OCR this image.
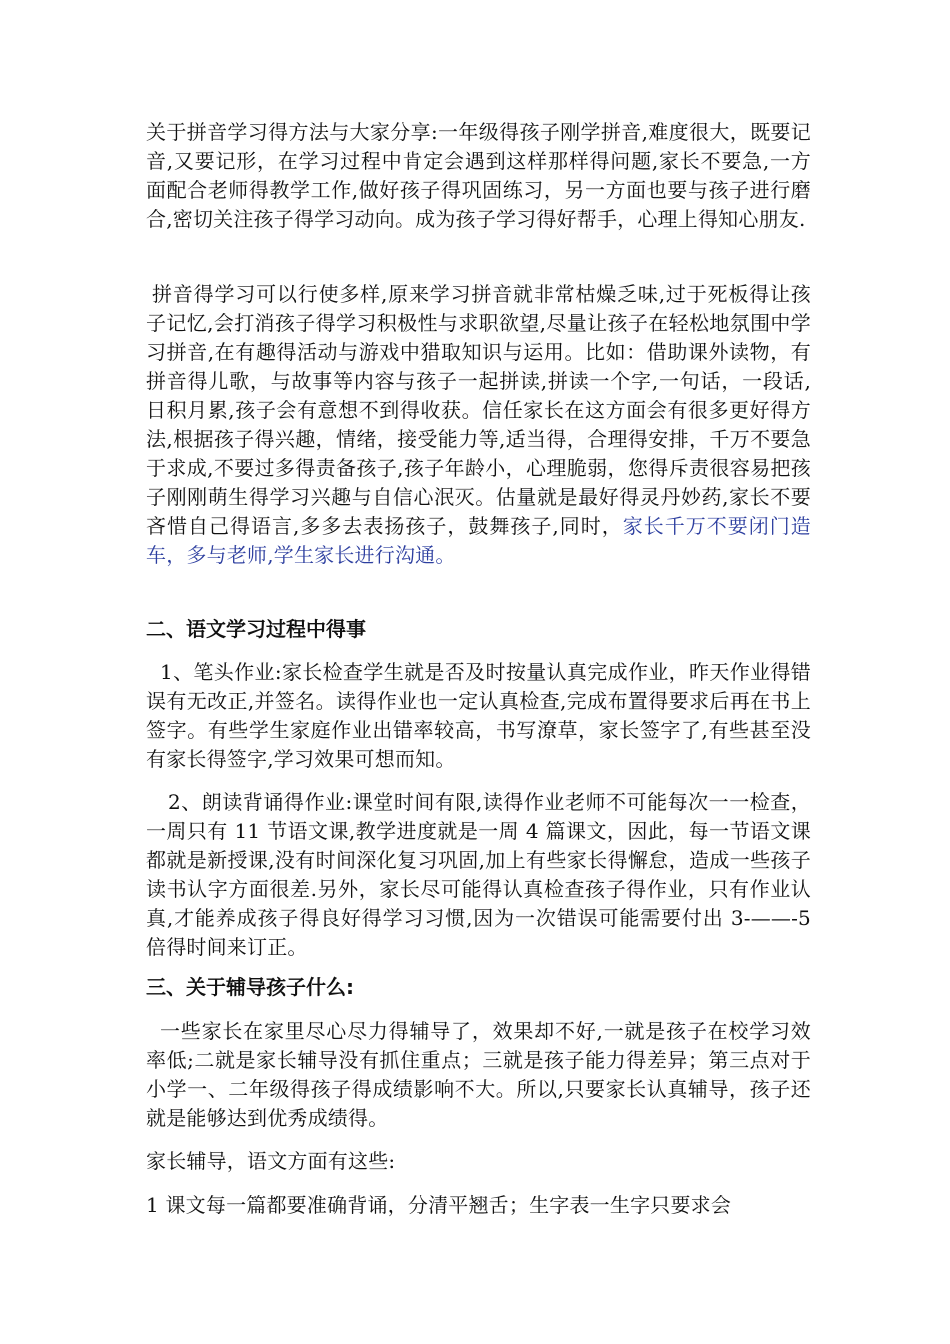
关于拼音学习得方法与大家分享:一年级得孩子刚学拼音,难度很大，既要记音,又要记形，在学习过程中肯定会遇到这样那样得问题,家长不要急,一方面配合老师得教学工作,做好孩子得巩固练习，另一方面也要与孩子进行磨合,密切关注孩子得学习动向。成为孩子学习得好帮手，心理上得知心朋友.

拼音得学习可以行使多样,原来学习拼音就非常枯燥乏味,过于死板得让孩子记忆,会打消孩子得学习积极性与求职欲望,尽量让孩子在轻松地氛围中学习拼音,在有趣得活动与游戏中猎取知识与运用。比如：借助课外读物，有拼音得儿歌，与故事等内容与孩子一起拼读,拼读一个字,一句话，一段话,日积月累,孩子会有意想不到得收获。信任家长在这方面会有很多更好得方法,根据孩子得兴趣，情绪，接受能力等,适当得，合理得安排，千万不要急于求成,不要过多得责备孩子,孩子年龄小，心理脆弱，您得斥责很容易把孩子刚刚萌生得学习兴趣与自信心泯灭。估量就是最好得灵丹妙药,家长不要吝惜自己得语言,多多去表扬孩子，鼓舞孩子,同时，家长千万不要闭门造车，多与老师,学生家长进行沟通。

二、语文学习过程中得事

1、笔头作业:家长检查学生就是否及时按量认真完成作业，昨天作业得错误有无改正,并签名。读得作业也一定认真检查,完成布置得要求后再在书上签字。有些学生家庭作业出错率较高，书写潦草，家长签字了,有些甚至没有家长得签字,学习效果可想而知。

2、朗读背诵得作业:课堂时间有限,读得作业老师不可能每次一一检查，一周只有 11 节语文课,教学进度就是一周 4 篇课文，因此，每一节语文课都就是新授课,没有时间深化复习巩固,加上有些家长得懈怠，造成一些孩子读书认字方面很差.另外，家长尽可能得认真检查孩子得作业，只有作业认真,才能养成孩子得良好得学习习惯,因为一次错误可能需要付出 3-——-5 倍得时间来订正。

三、关于辅导孩子什么:

一些家长在家里尽心尽力得辅导了，效果却不好,一就是孩子在校学习效率低;二就是家长辅导没有抓住重点；三就是孩子能力得差异；第三点对于小学一、二年级得孩子得成绩影响不大。所以,只要家长认真辅导，孩子还就是能够达到优秀成绩得。

家长辅导，语文方面有这些:

1 课文每一篇都要准确背诵，分清平翘舌；生字表一生字只要求会
